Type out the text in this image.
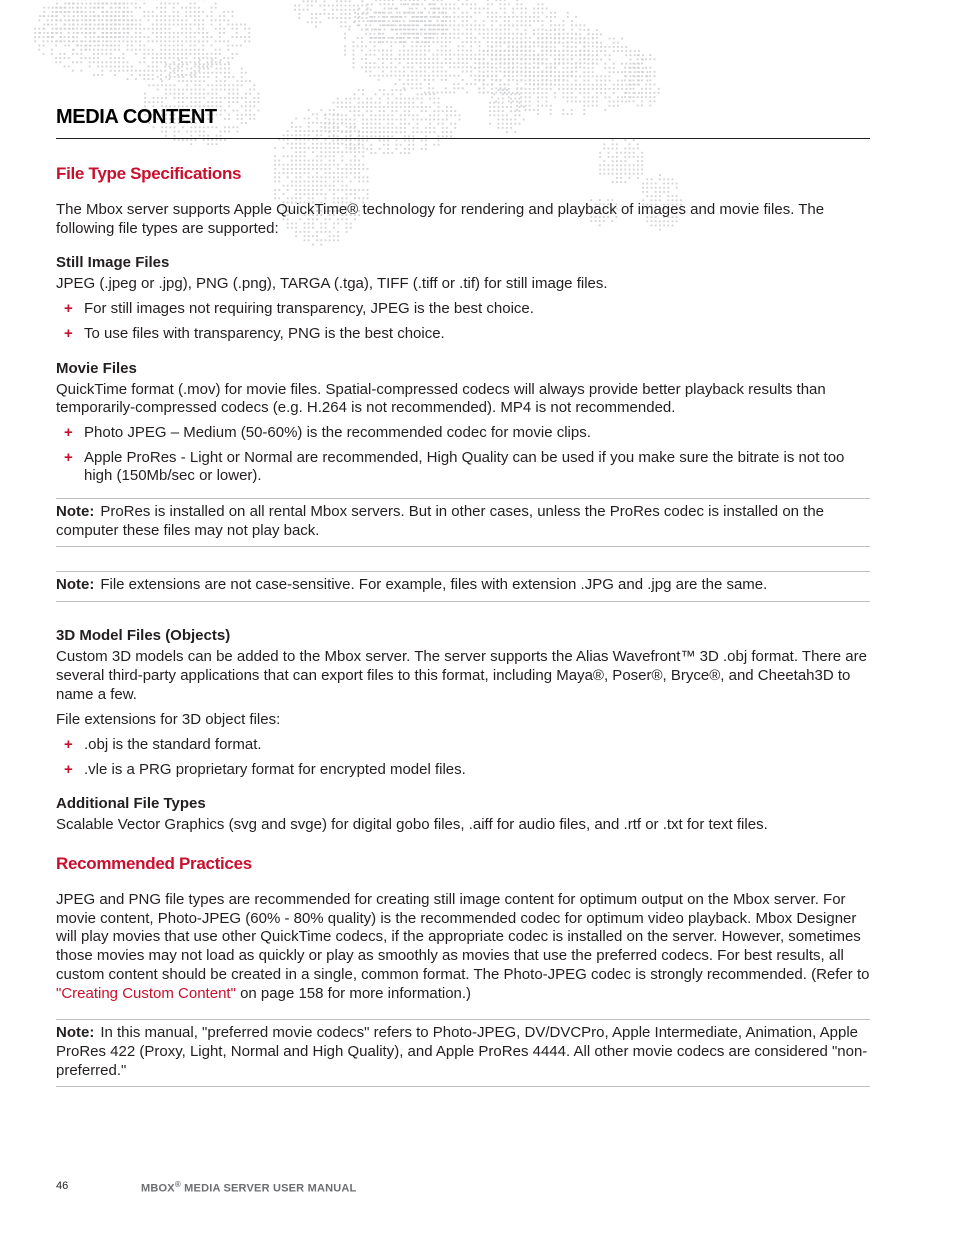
MEDIA CONTENT
File Type Specifications

The Mbox server supports Apple QuickTime® technology for rendering and playback of images and movie files. The following file types are supported:

Still Image Files

JPEG (.jpeg or .jpg), PNG (.png), TARGA (.tga), TIFF (.tiff or .tif) for still image files.

+ For still images not requiring transparency, JPEG is the best choice.
+ To use files with transparency, PNG is the best choice.
Movie Files

QuickTime format (.mov) for movie files. Spatial-compressed codecs will always provide better playback results than temporarily-compressed codecs (e.g. H.264 is not recommended). MP4 is not recommended.

+ Photo JPEG – Medium (50-60%) is the recommended codec for movie clips.
+ Apple ProRes - Light or Normal are recommended, High Quality can be used if you make sure the bitrate is not too high (150Mb/sec or lower).
Note: ProRes is installed on all rental Mbox servers. But in other cases, unless the ProRes codec is installed on the computer these files may not play back.
Note: File extensions are not case-sensitive. For example, files with extension .JPG and .jpg are the same.
3D Model Files (Objects)

Custom 3D models can be added to the Mbox server. The server supports the Alias Wavefront™ 3D .obj format. There are several third-party applications that can export files to this format, including Maya®, Poser®, Bryce®, and Cheetah3D to name a few.

File extensions for 3D object files:

+ .obj is the standard format.
+ .vle is a PRG proprietary format for encrypted model files.
Additional File Types

Scalable Vector Graphics (svg and svge) for digital gobo files, .aiff for audio files, and .rtf or .txt for text files.

Recommended Practices

JPEG and PNG file types are recommended for creating still image content for optimum output on the Mbox server. For movie content, Photo-JPEG (60% - 80% quality) is the recommended codec for optimum video playback. Mbox Designer will play movies that use other QuickTime codecs, if the appropriate codec is installed on the server. However, sometimes those movies may not load as quickly or play as smoothly as movies that use the preferred codecs. For best results, all custom content should be created in a single, common format. The Photo-JPEG codec is strongly recommended. (Refer to "Creating Custom Content" on page 158 for more information.)

Note: In this manual, "preferred movie codecs" refers to Photo-JPEG, DV/DVCPro, Apple Intermediate, Animation, Apple ProRes 422 (Proxy, Light, Normal and High Quality), and Apple ProRes 4444. All other movie codecs are considered "non-preferred."
46	MBOX® MEDIA SERVER USER MANUAL
